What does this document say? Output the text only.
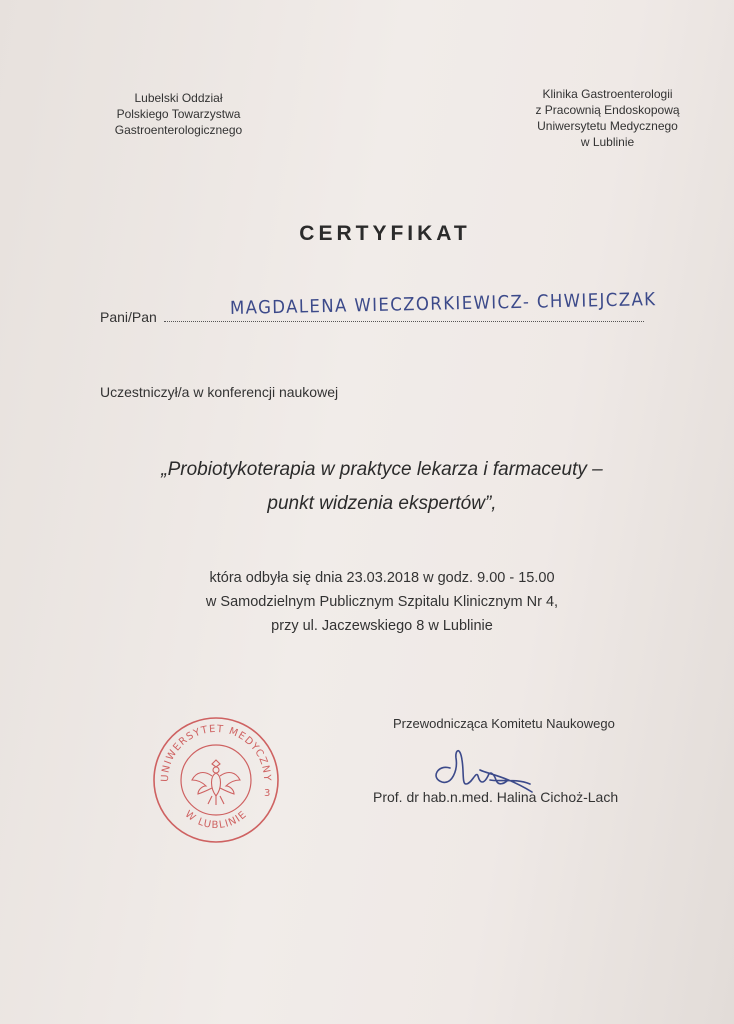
Lubelski Oddział
Polskiego Towarzystwa
Gastroenterologicznego
Klinika Gastroenterologii
z Pracownią Endoskopową
Uniwersytetu Medycznego
w Lublinie
CERTYFIKAT
Pani/Pan	MAGDALENA WIECZORKIEWICZ- CHWIEJCZAK
Uczestniczył/a w konferencji naukowej
„Probiotykoterapia w praktyce lekarza i farmaceuty –
punkt widzenia ekspertów”,
która odbyła się dnia 23.03.2018 w godz. 9.00 - 15.00
w Samodzielnym Publicznym Szpitalu Klinicznym Nr 4,
przy ul. Jaczewskiego 8 w Lublinie
Przewodnicząca Komitetu Naukowego
Prof. dr hab.n.med. Halina Cichoż-Lach
UNIWERSYTET MEDYCZNY
W LUBLINIE
3
